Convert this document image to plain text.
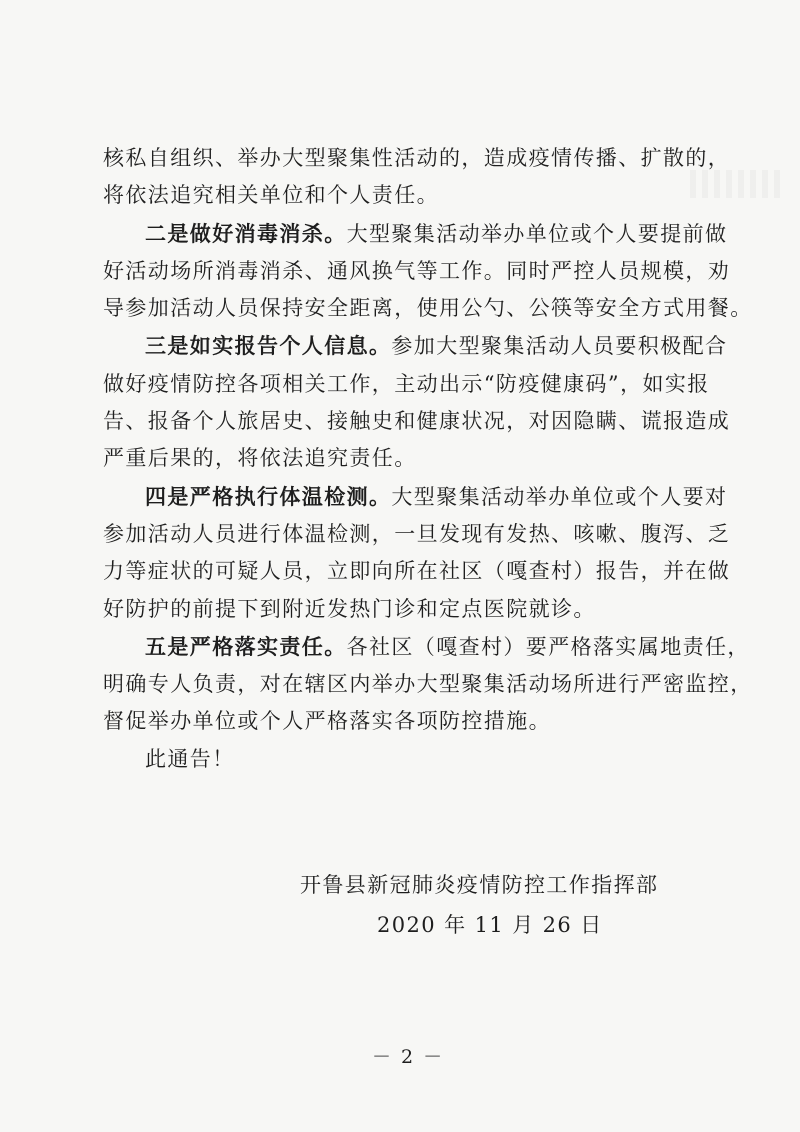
核私自组织、举办大型聚集性活动的，造成疫情传播、扩散的，
将依法追究相关单位和个人责任。
二是做好消毒消杀。大型聚集活动举办单位或个人要提前做
好活动场所消毒消杀、通风换气等工作。同时严控人员规模，劝
导参加活动人员保持安全距离，使用公勺、公筷等安全方式用餐。
三是如实报告个人信息。参加大型聚集活动人员要积极配合
做好疫情防控各项相关工作，主动出示“防疫健康码”，如实报
告、报备个人旅居史、接触史和健康状况，对因隐瞒、谎报造成
严重后果的，将依法追究责任。
四是严格执行体温检测。大型聚集活动举办单位或个人要对
参加活动人员进行体温检测，一旦发现有发热、咳嗽、腹泻、乏
力等症状的可疑人员，立即向所在社区（嘎查村）报告，并在做
好防护的前提下到附近发热门诊和定点医院就诊。
五是严格落实责任。各社区（嘎查村）要严格落实属地责任，
明确专人负责，对在辖区内举办大型聚集活动场所进行严密监控，
督促举办单位或个人严格落实各项防控措施。
此通告！
开鲁县新冠肺炎疫情防控工作指挥部
2020 年 11 月 26 日
－ 2 －
